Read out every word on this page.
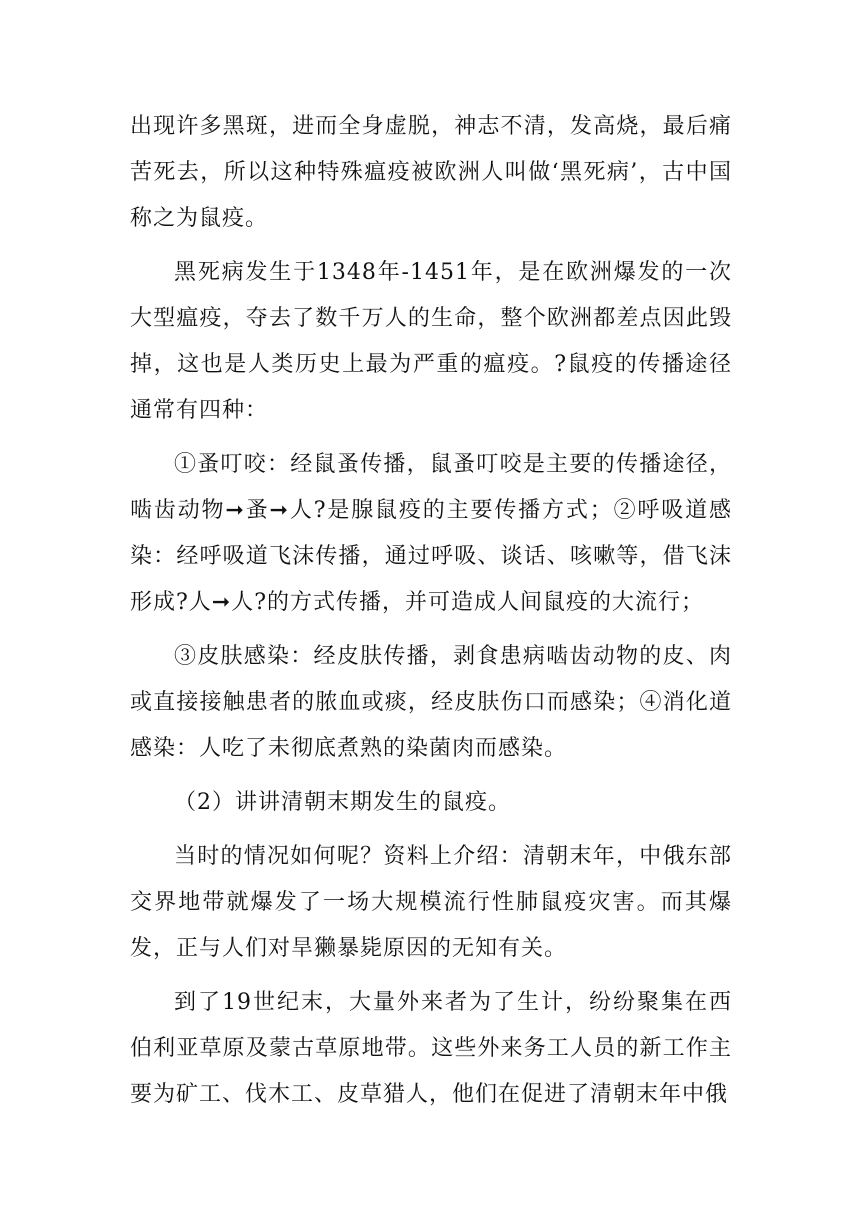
出现许多黑斑，进而全身虚脱，神志不清，发高烧，最后痛苦死去，所以这种特殊瘟疫被欧洲人叫做‘黑死病’，古中国称之为鼠疫。

黑死病发生于1348年-1451年，是在欧洲爆发的一次大型瘟疫，夺去了数千万人的生命，整个欧洲都差点因此毁掉，这也是人类历史上最为严重的瘟疫。?鼠疫的传播途径通常有四种：

①蚤叮咬：经鼠蚤传播，鼠蚤叮咬是主要的传播途径，啮齿动物➞蚤➞人?是腺鼠疫的主要传播方式；②呼吸道感染：经呼吸道飞沫传播，通过呼吸、谈话、咳嗽等，借飞沫形成?人➞人?的方式传播，并可造成人间鼠疫的大流行；

③皮肤感染：经皮肤传播，剥食患病啮齿动物的皮、肉或直接接触患者的脓血或痰，经皮肤伤口而感染；④消化道感染：人吃了未彻底煮熟的染菌肉而感染。

（2）讲讲清朝末期发生的鼠疫。

当时的情况如何呢？资料上介绍：清朝末年，中俄东部交界地带就爆发了一场大规模流行性肺鼠疫灾害。而其爆发，正与人们对旱獭暴毙原因的无知有关。

到了19世纪末，大量外来者为了生计，纷纷聚集在西伯利亚草原及蒙古草原地带。这些外来务工人员的新工作主要为矿工、伐木工、皮草猎人，他们在促进了清朝末年中俄
